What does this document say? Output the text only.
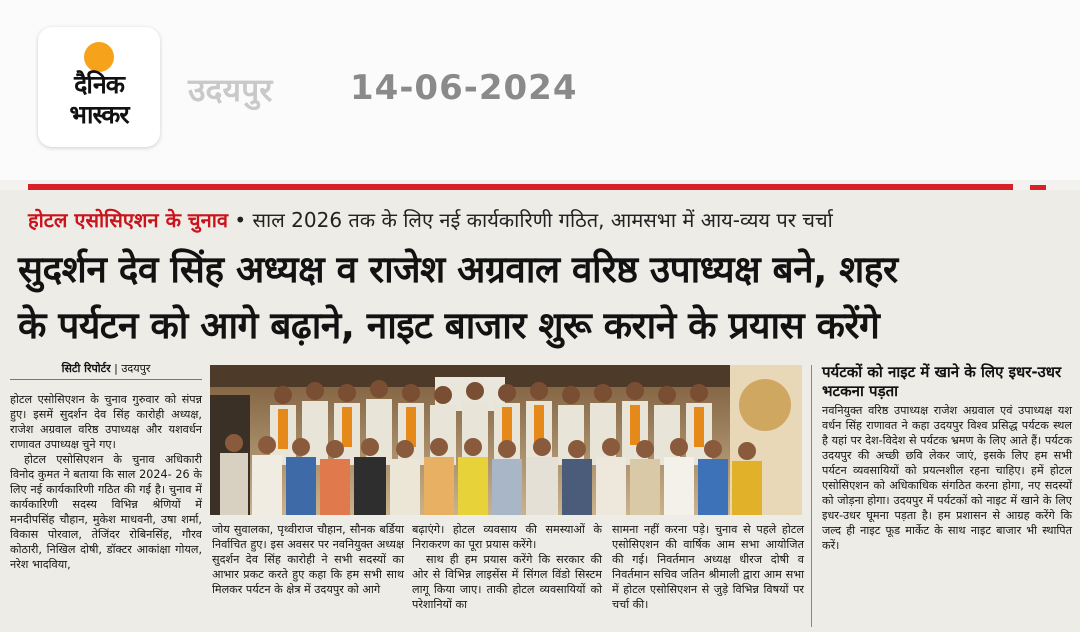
दैनिक
भास्कर
उदयपुर 14-06-2024
होटल एसोसिएशन के चुनाव • साल 2026 तक के लिए नई कार्यकारिणी गठित, आमसभा में आय-व्यय पर चर्चा
सुदर्शन देव सिंह अध्यक्ष व राजेश अग्रवाल वरिष्ठ उपाध्यक्ष बने, शहर
के पर्यटन को आगे बढ़ाने, नाइट बाजार शुरू कराने के प्रयास करेंगे
सिटी रिपोर्टर | उदयपुर

होटल एसोसिएशन के चुनाव गुरुवार को संपन्न हुए। इसमें सुदर्शन देव सिंह कारोही अध्यक्ष, राजेश अग्रवाल वरिष्ठ उपाध्यक्ष और यशवर्धन राणावत उपाध्यक्ष चुने गए।

होटल एसोसिएशन के चुनाव अधिकारी विनोद कुमत ने बताया कि साल 2024- 26 के लिए नई कार्यकारिणी गठित की गई है। चुनाव में कार्यकारिणी सदस्य विभिन्न श्रेणियों में मनदीपसिंह चौहान, मुकेश माधवनी, उषा शर्मा, विकास पोरवाल, तेजिंदर रोबिनसिंह, गौरव कोठारी, निखिल दोषी, डॉक्टर आकांक्षा गोयल, नरेश भादविया,

जोय सुवालका, पृथ्वीराज चौहान, सौनक बर्डिया निर्वाचित हुए। इस अवसर पर नवनियुक्त अध्यक्ष सुदर्शन देव सिंह कारोही ने सभी सदस्यों का आभार प्रकट करते हुए कहा कि हम सभी साथ मिलकर पर्यटन के क्षेत्र में उदयपुर को आगे

बढ़ाएंगे। होटल व्यवसाय की समस्याओं के निराकरण का पूरा प्रयास करेंगे।

साथ ही हम प्रयास करेंगे कि सरकार की ओर से विभिन्न लाइसेंस में सिंगल विंडो सिस्टम लागू किया जाए। ताकी होटल व्यवसायियों को परेशानियों का

सामना नहीं करना पड़े। चुनाव से पहले होटल एसोसिएशन की वार्षिक आम सभा आयोजित की गई। निवर्तमान अध्यक्ष धीरज दोषी व निवर्तमान सचिव जतिन श्रीमाली द्वारा आम सभा में होटल एसोसिएशन से जुड़े विभिन्न विषयों पर चर्चा की।
पर्यटकों को नाइट में खाने के लिए इधर-उधर भटकना पड़ता
नवनियुक्त वरिष्ठ उपाध्यक्ष राजेश अग्रवाल एवं उपाध्यक्ष यश वर्धन सिंह राणावत ने कहा उदयपुर विश्व प्रसिद्ध पर्यटक स्थल है यहां पर देश-विदेश से पर्यटक भ्रमण के लिए आते हैं। पर्यटक उदयपुर की अच्छी छवि लेकर जाएं, इसके लिए हम सभी पर्यटन व्यवसायियों को प्रयत्नशील रहना चाहिए। हमें होटल एसोसिएशन को अधिकाधिक संगठित करना होगा, नए सदस्यों को जोड़ना होगा। उदयपुर में पर्यटकों को नाइट में खाने के लिए इधर-उधर घूमना पड़ता है। हम प्रशासन से आग्रह करेंगे कि जल्द ही नाइट फूड मार्केट के साथ नाइट बाजार भी स्थापित करें।
